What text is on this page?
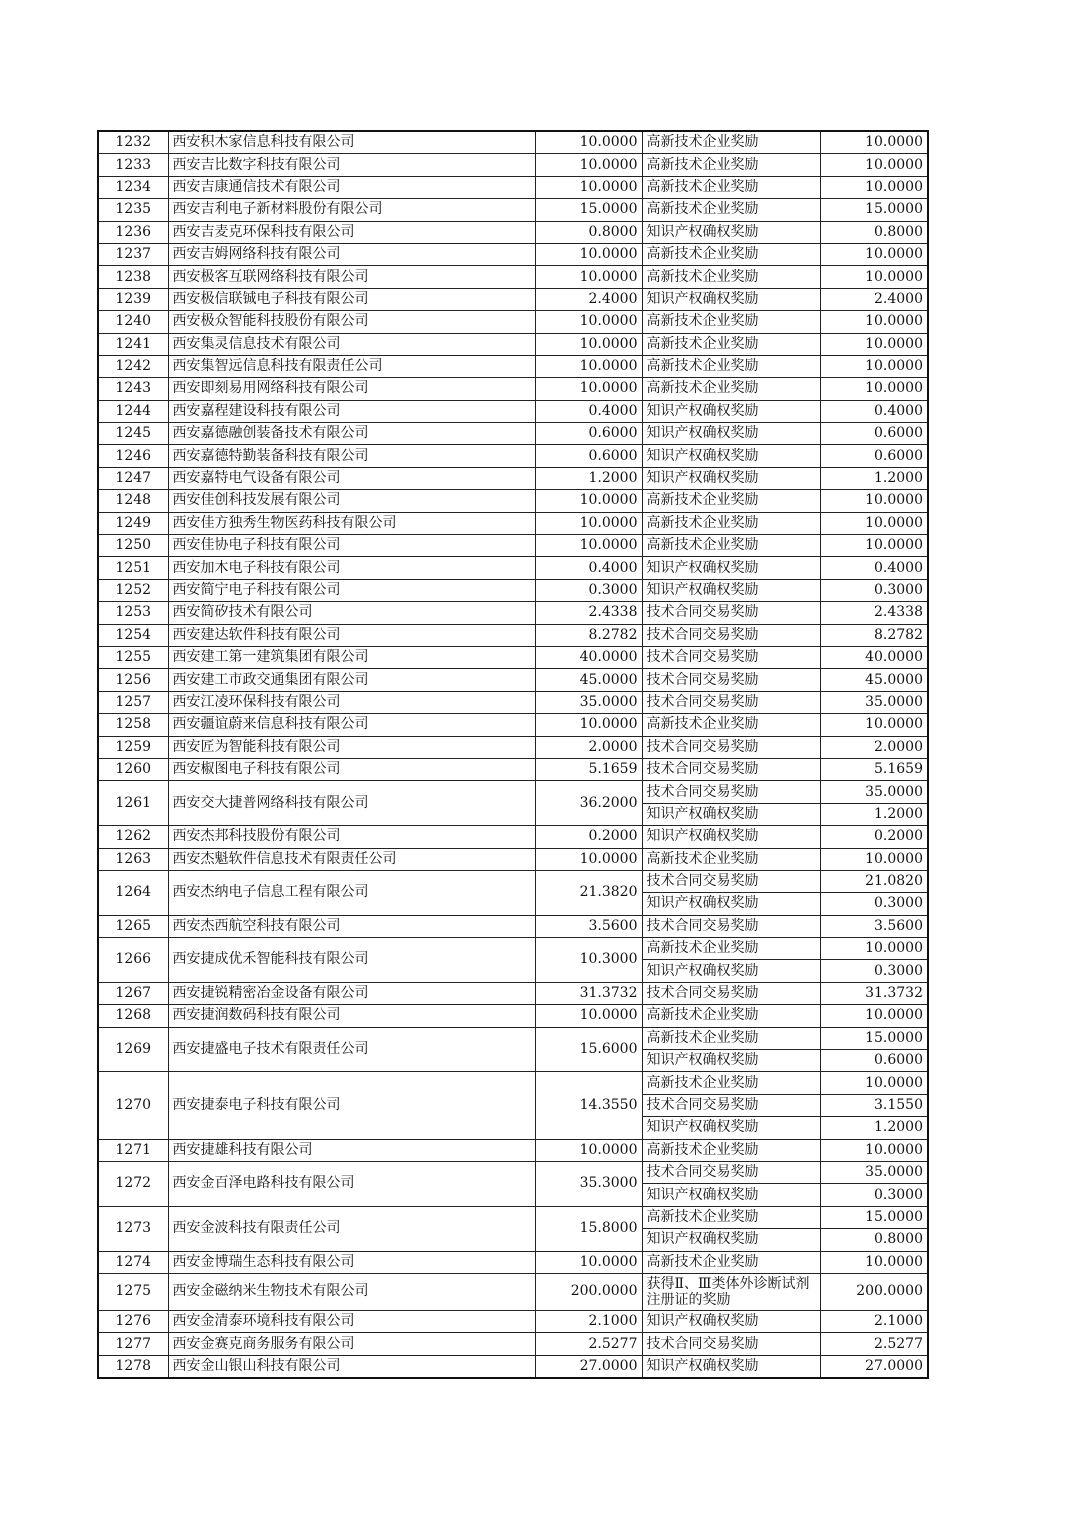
1232	西安积木家信息科技有限公司	10.0000	高新技术企业奖励	10.0000
1233	西安吉比数字科技有限公司	10.0000	高新技术企业奖励	10.0000
1234	西安吉康通信技术有限公司	10.0000	高新技术企业奖励	10.0000
1235	西安吉利电子新材料股份有限公司	15.0000	高新技术企业奖励	15.0000
1236	西安吉麦克环保科技有限公司	0.8000	知识产权确权奖励	0.8000
1237	西安吉姆网络科技有限公司	10.0000	高新技术企业奖励	10.0000
1238	西安极客互联网络科技有限公司	10.0000	高新技术企业奖励	10.0000
1239	西安极信联铖电子科技有限公司	2.4000	知识产权确权奖励	2.4000
1240	西安极众智能科技股份有限公司	10.0000	高新技术企业奖励	10.0000
1241	西安集灵信息技术有限公司	10.0000	高新技术企业奖励	10.0000
1242	西安集智远信息科技有限责任公司	10.0000	高新技术企业奖励	10.0000
1243	西安即刻易用网络科技有限公司	10.0000	高新技术企业奖励	10.0000
1244	西安嘉程建设科技有限公司	0.4000	知识产权确权奖励	0.4000
1245	西安嘉德融创装备技术有限公司	0.6000	知识产权确权奖励	0.6000
1246	西安嘉德特勤装备科技有限公司	0.6000	知识产权确权奖励	0.6000
1247	西安嘉特电气设备有限公司	1.2000	知识产权确权奖励	1.2000
1248	西安佳创科技发展有限公司	10.0000	高新技术企业奖励	10.0000
1249	西安佳方独秀生物医药科技有限公司	10.0000	高新技术企业奖励	10.0000
1250	西安佳协电子科技有限公司	10.0000	高新技术企业奖励	10.0000
1251	西安加木电子科技有限公司	0.4000	知识产权确权奖励	0.4000
1252	西安简宁电子科技有限公司	0.3000	知识产权确权奖励	0.3000
1253	西安简矽技术有限公司	2.4338	技术合同交易奖励	2.4338
1254	西安建达软件科技有限公司	8.2782	技术合同交易奖励	8.2782
1255	西安建工第一建筑集团有限公司	40.0000	技术合同交易奖励	40.0000
1256	西安建工市政交通集团有限公司	45.0000	技术合同交易奖励	45.0000
1257	西安江凌环保科技有限公司	35.0000	技术合同交易奖励	35.0000
1258	西安疆谊蔚来信息科技有限公司	10.0000	高新技术企业奖励	10.0000
1259	西安匠为智能科技有限公司	2.0000	技术合同交易奖励	2.0000
1260	西安椒图电子科技有限公司	5.1659	技术合同交易奖励	5.1659
1261	西安交大捷普网络科技有限公司	36.2000	技术合同交易奖励	35.0000
			知识产权确权奖励	1.2000
1262	西安杰邦科技股份有限公司	0.2000	知识产权确权奖励	0.2000
1263	西安杰魁软件信息技术有限责任公司	10.0000	高新技术企业奖励	10.0000
1264	西安杰纳电子信息工程有限公司	21.3820	技术合同交易奖励	21.0820
			知识产权确权奖励	0.3000
1265	西安杰西航空科技有限公司	3.5600	技术合同交易奖励	3.5600
1266	西安捷成优禾智能科技有限公司	10.3000	高新技术企业奖励	10.0000
			知识产权确权奖励	0.3000
1267	西安捷锐精密冶金设备有限公司	31.3732	技术合同交易奖励	31.3732
1268	西安捷润数码科技有限公司	10.0000	高新技术企业奖励	10.0000
1269	西安捷盛电子技术有限责任公司	15.6000	高新技术企业奖励	15.0000
			知识产权确权奖励	0.6000
1270	西安捷泰电子科技有限公司	14.3550	高新技术企业奖励	10.0000
			技术合同交易奖励	3.1550
			知识产权确权奖励	1.2000
1271	西安捷雄科技有限公司	10.0000	高新技术企业奖励	10.0000
1272	西安金百泽电路科技有限公司	35.3000	技术合同交易奖励	35.0000
			知识产权确权奖励	0.3000
1273	西安金波科技有限责任公司	15.8000	高新技术企业奖励	15.0000
			知识产权确权奖励	0.8000
1274	西安金博瑞生态科技有限公司	10.0000	高新技术企业奖励	10.0000
1275	西安金磁纳米生物技术有限公司	200.0000	获得Ⅱ、Ⅲ类体外诊断试剂注册证的奖励	200.0000
1276	西安金清泰环境科技有限公司	2.1000	知识产权确权奖励	2.1000
1277	西安金赛克商务服务有限公司	2.5277	技术合同交易奖励	2.5277
1278	西安金山银山科技有限公司	27.0000	知识产权确权奖励	27.0000
